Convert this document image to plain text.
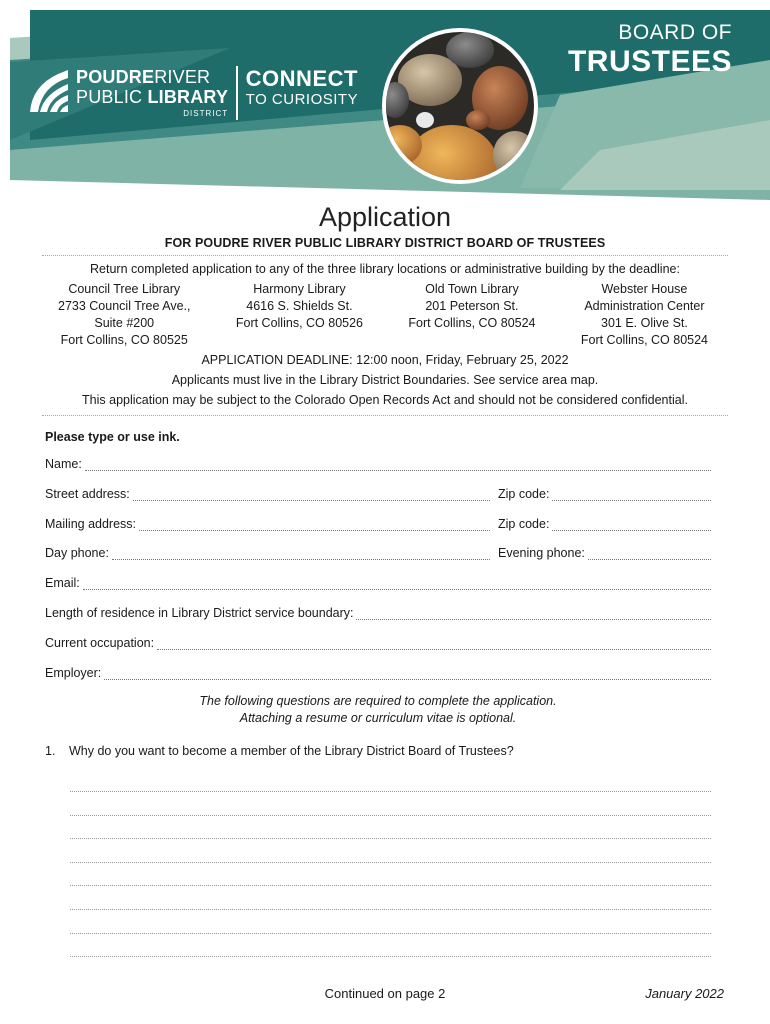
POUDRERIVER
PUBLIC LIBRARY
DISTRICT
CONNECT
TO CURIOSITY
BOARD OF
TRUSTEES
Application
FOR POUDRE RIVER PUBLIC LIBRARY DISTRICT BOARD OF TRUSTEES
Return completed application to any of the three library locations or administrative building by the deadline:
Council Tree Library
2733 Council Tree Ave.,
Suite #200
Fort Collins, CO 80525
Harmony Library
4616 S. Shields St.
Fort Collins, CO 80526
Old Town Library
201 Peterson St.
Fort Collins, CO 80524
Webster House
Administration Center
301 E. Olive St.
Fort Collins, CO 80524
APPLICATION DEADLINE: 12:00 noon, Friday, February 25, 2022
Applicants must live in the Library District Boundaries. See service area map.
This application may be subject to the Colorado Open Records Act and should not be considered confidential.
Please type or use ink.
Name:
Street address:	Zip code:
Mailing address:	Zip code:
Day phone:	Evening phone:
Email:
Length of residence in Library District service boundary:
Current occupation:
Employer:
The following questions are required to complete the application.
Attaching a resume or curriculum vitae is optional.
1.	Why do you want to become a member of the Library District Board of Trustees?
Continued on page 2	January 2022
